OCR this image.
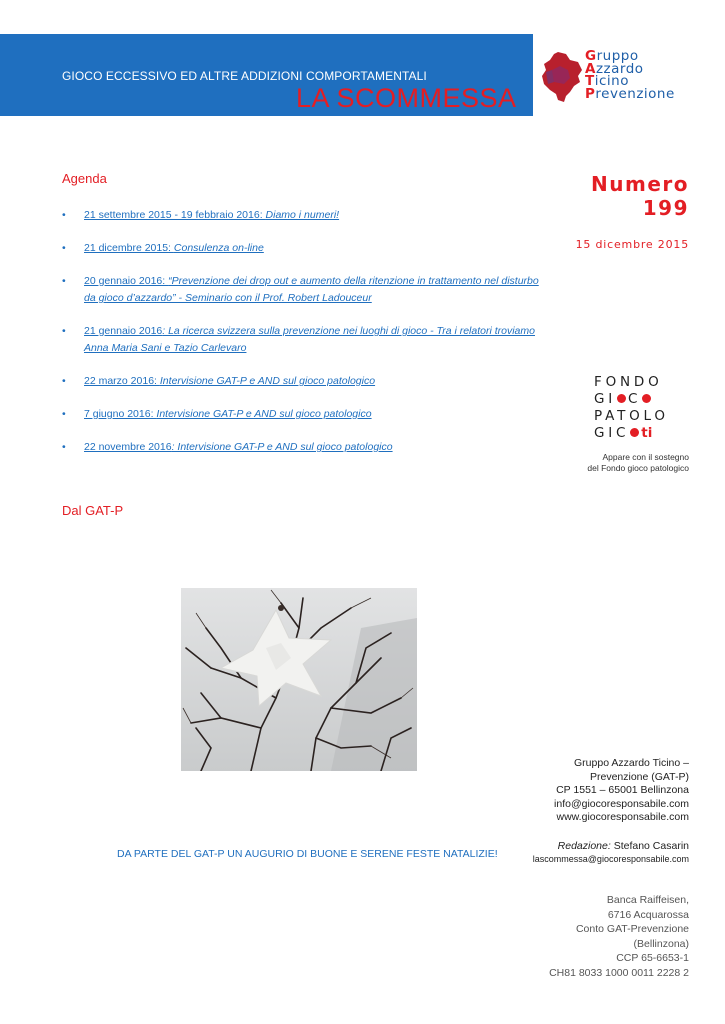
GIOCO ECCESSIVO ED ALTRE ADDIZIONI COMPORTAMENTALI
LA SCOMMESSA
Gruppo
Azzardo
Ticino
Prevenzione
Numero
199
15 dicembre 2015
Agenda
• 21 settembre 2015 - 19 febbraio 2016: Diamo i numeri!
• 21 dicembre 2015: Consulenza on-line
• 20 gennaio 2016: “Prevenzione dei drop out e aumento della ritenzione in trattamento nel disturbo da gioco d’azzardo” - Seminario con il Prof. Robert Ladouceur
• 21 gennaio 2016: La ricerca svizzera sulla prevenzione nei luoghi di gioco - Tra i relatori troviamo Anna Maria Sani e Tazio Carlevaro
• 22 marzo 2016: Intervisione GAT-P e AND sul gioco patologico
• 7 giugno 2016: Intervisione GAT-P e AND sul gioco patologico
• 22 novembre 2016: Intervisione GAT-P e AND sul gioco patologico
FONDO
GI C
PATOLO
GIC ti
Appare con il sostegno
del Fondo gioco patologico
Dal GAT-P
Gruppo Azzardo Ticino –
Prevenzione (GAT-P)
CP 1551 – 65001 Bellinzona
info@giocoresponsabile.com
www.giocoresponsabile.com
Redazione: Stefano Casarin
lascommessa@giocoresponsabile.com
DA PARTE DEL GAT-P UN AUGURIO DI BUONE E SERENE FESTE NATALIZIE!
Banca Raiffeisen,
6716 Acquarossa
Conto GAT-Prevenzione
(Bellinzona)
CCP 65-6653-1
CH81 8033 1000 0011 2228 2
